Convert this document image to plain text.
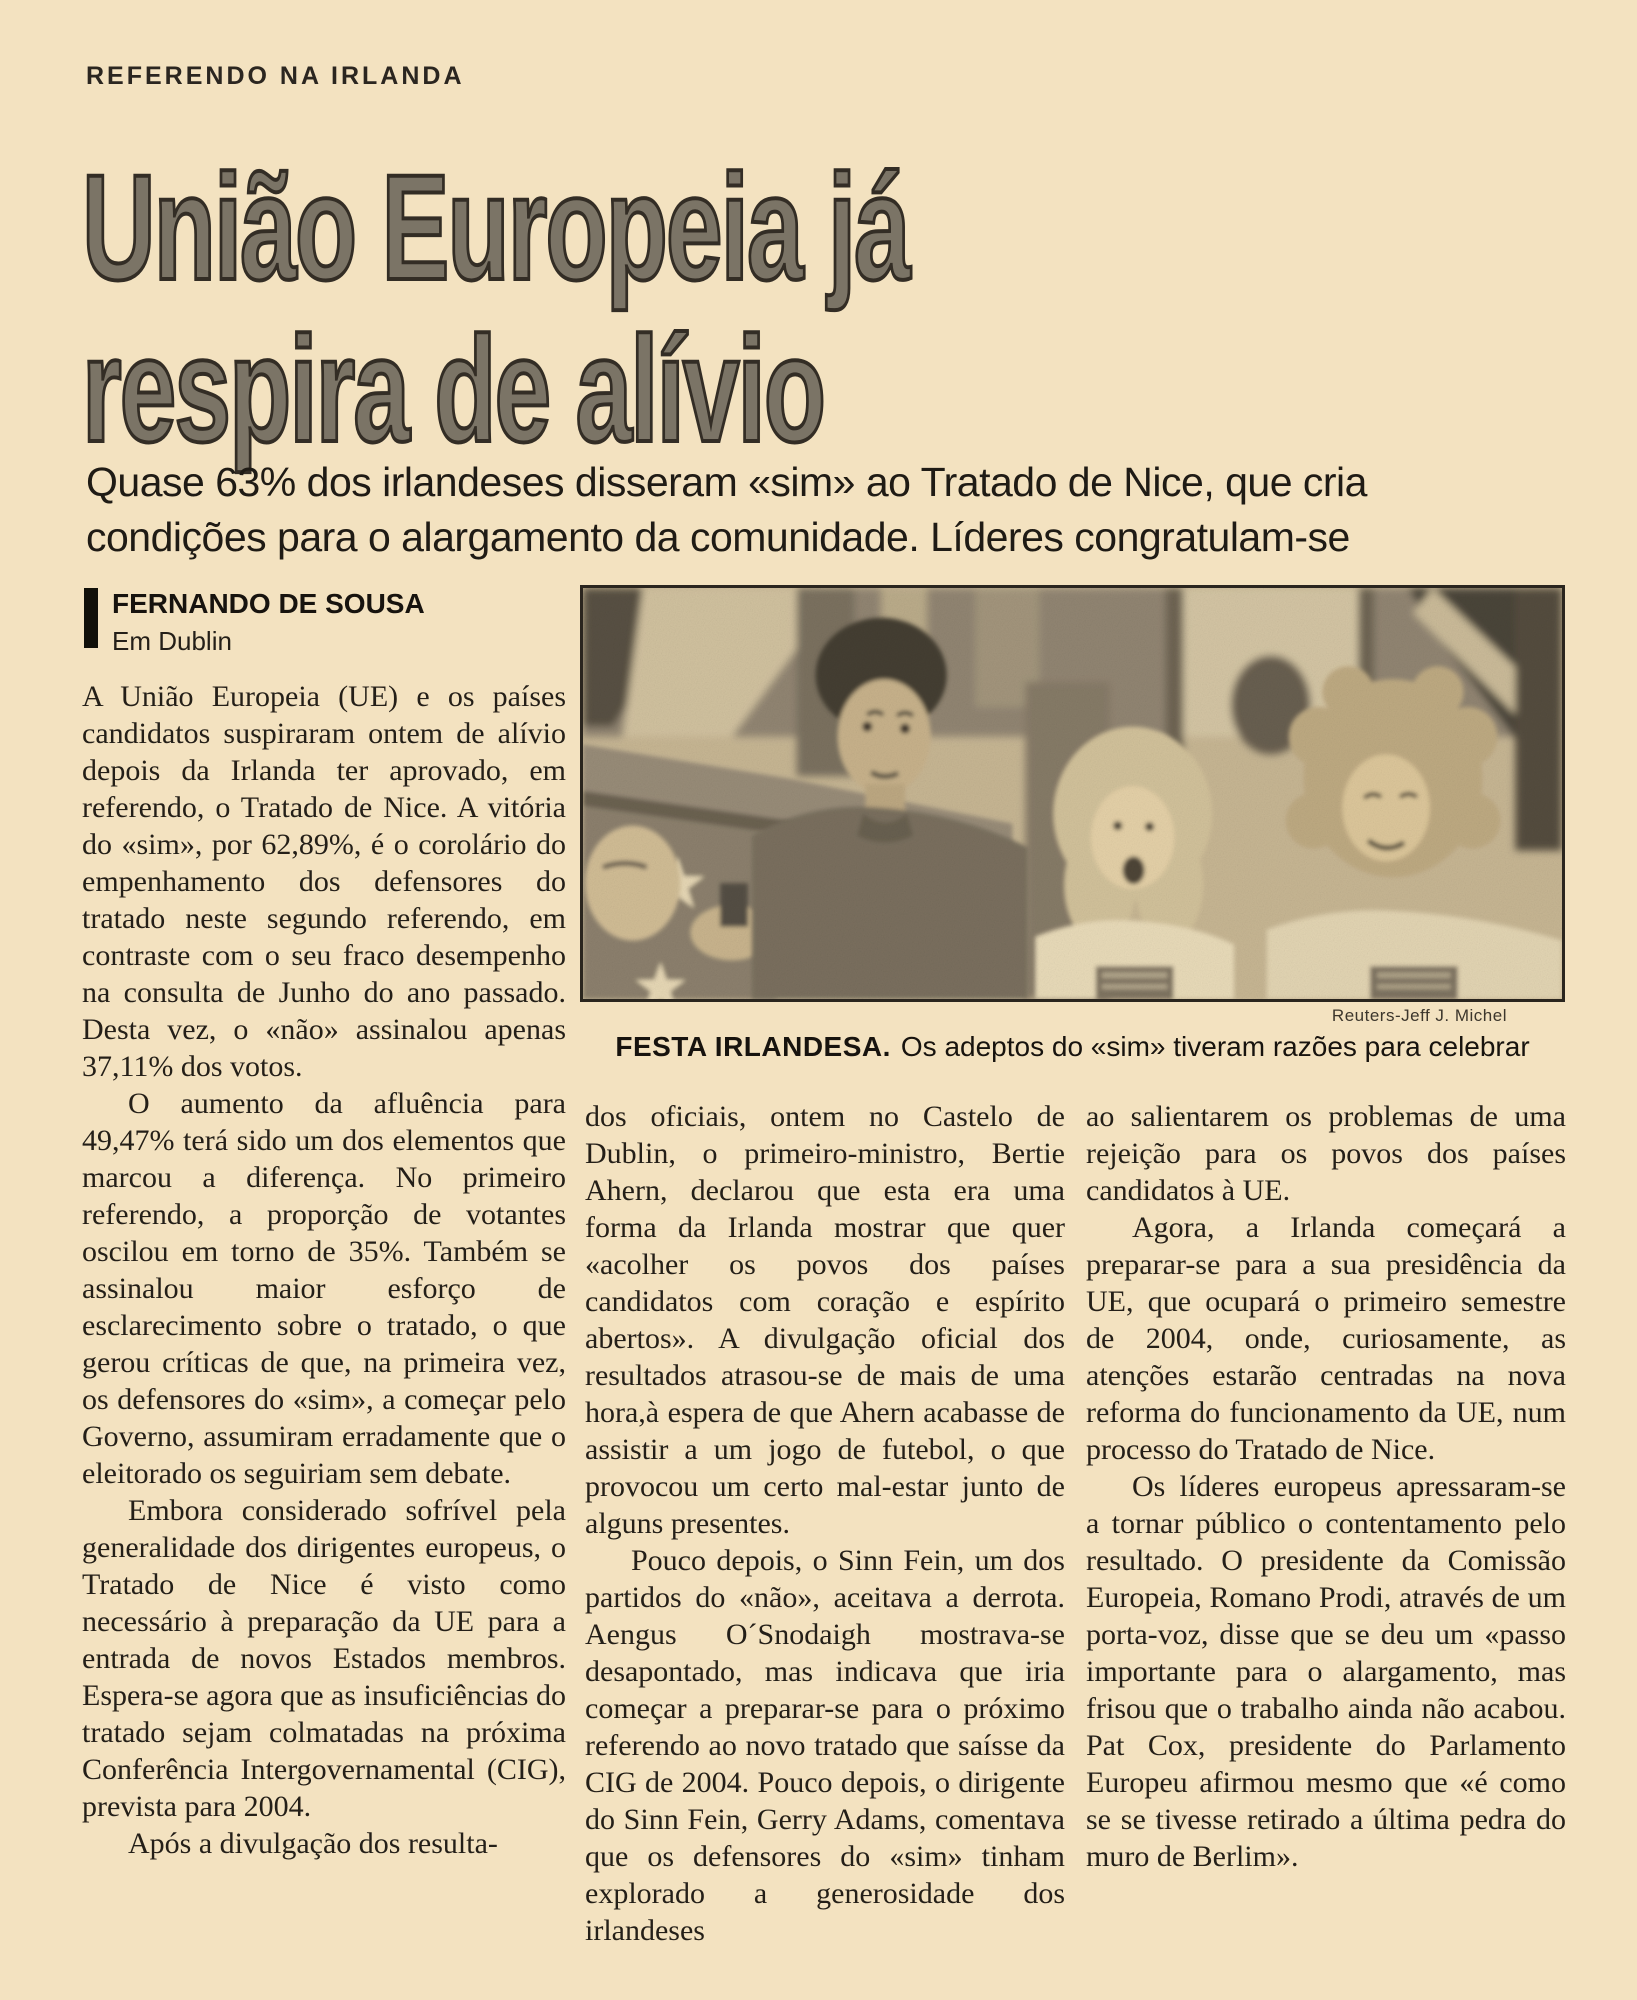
REFERENDO NA IRLANDA
União Europeia já
respira de alívio
Quase 63% dos irlandeses disseram «sim» ao Tratado de Nice, que cria
condições para o alargamento da comunidade. Líderes congratulam-se
FERNANDO DE SOUSA
Em Dublin
Reuters-Jeff J. Michel
FESTA IRLANDESA. Os adeptos do «sim» tiveram razões para celebrar

A União Europeia (UE) e os países candidatos suspiraram ontem de alívio depois da Irlanda ter aprovado, em referendo, o Tratado de Nice. A vitória do «sim», por 62,89%, é o corolário do empenhamento dos defensores do tratado neste segundo referendo, em contraste com o seu fraco desempenho na consulta de Junho do ano passado. Desta vez, o «não» assinalou apenas 37,11% dos votos.

O aumento da afluência para 49,47% terá sido um dos elementos que marcou a diferença. No primeiro referendo, a proporção de votantes oscilou em torno de 35%. Também se assinalou maior esforço de esclarecimento sobre o tratado, o que gerou críticas de que, na primeira vez, os defensores do «sim», a começar pelo Governo, assumiram erradamente que o eleitorado os seguiriam sem debate.

Embora considerado sofrível pela generalidade dos dirigentes europeus, o Tratado de Nice é visto como necessário à preparação da UE para a entrada de novos Estados membros. Espera-se agora que as insuficiências do tratado sejam colmatadas na próxima Conferência Intergovernamental (CIG), prevista para 2004.

Após a divulgação dos resulta-

dos oficiais, ontem no Castelo de Dublin, o primeiro-ministro, Bertie Ahern, declarou que esta era uma forma da Irlanda mostrar que quer «acolher os povos dos países candidatos com coração e espírito abertos». A divulgação oficial dos resultados atrasou-se de mais de uma hora,à espera de que Ahern acabasse de assistir a um jogo de futebol, o que provocou um certo mal-estar junto de alguns presentes.

Pouco depois, o Sinn Fein, um dos partidos do «não», aceitava a derrota. Aengus O´Snodaigh mostrava-se desapontado, mas indicava que iria começar a preparar-se para o próximo referendo ao novo tratado que saísse da CIG de 2004. Pouco depois, o dirigente do Sinn Fein, Gerry Adams, comentava que os defensores do «sim» tinham explorado a generosidade dos irlandeses

ao salientarem os problemas de uma rejeição para os povos dos países candidatos à UE.

Agora, a Irlanda começará a preparar-se para a sua presidência da UE, que ocupará o primeiro semestre de 2004, onde, curiosamente, as atenções estarão centradas na nova reforma do funcionamento da UE, num processo do Tratado de Nice.

Os líderes europeus apressaram-se a tornar público o contentamento pelo resultado. O presidente da Comissão Europeia, Romano Prodi, através de um porta-voz, disse que se deu um «passo importante para o alargamento, mas frisou que o trabalho ainda não acabou. Pat Cox, presidente do Parlamento Europeu afirmou mesmo que «é como se se tivesse retirado a última pedra do muro de Berlim».
